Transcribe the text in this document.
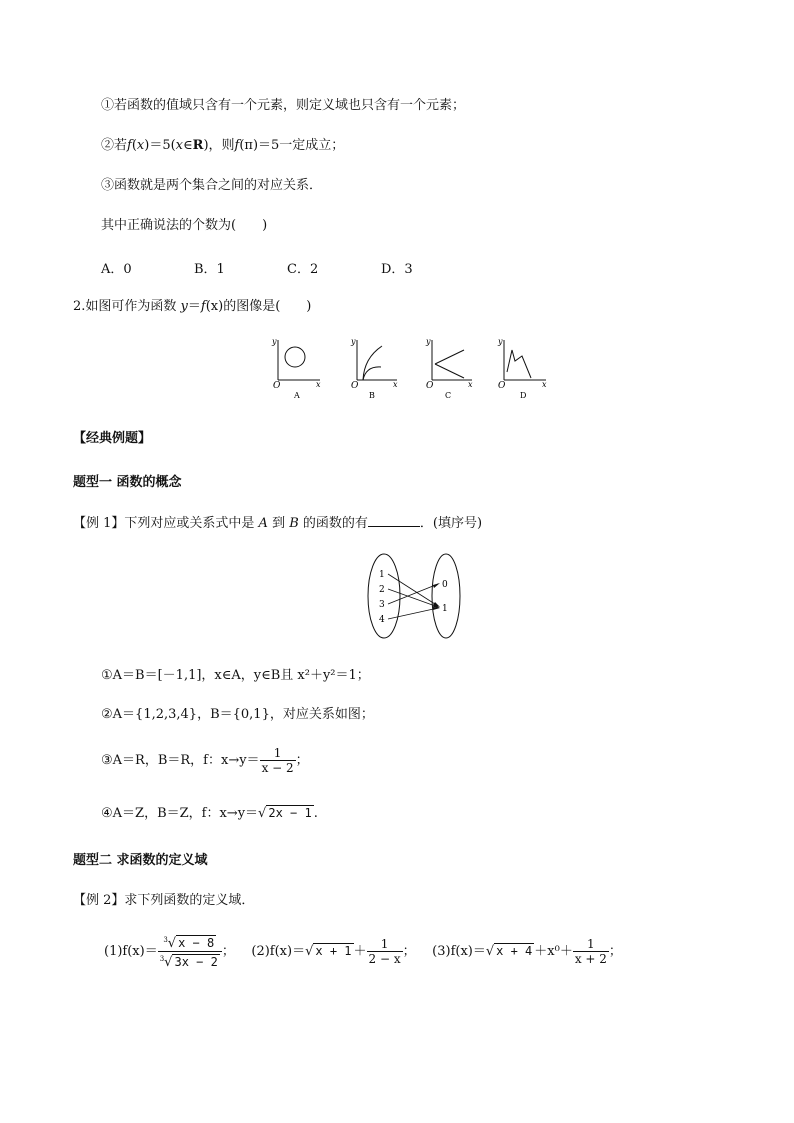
①若函数的值域只含有一个元素，则定义域也只含有一个元素；
②若f(x)＝5(x∈R)，则f(π)＝5一定成立；
③函数就是两个集合之间的对应关系．
其中正确说法的个数为(　　)
A．0	B．1	C．2	D．3
2.如图可作为函数 y＝f(x)的图像是(　　)
y
x
O
A
y
x
O
B
y
x
O
C
y
x
O
D
【经典例题】
题型一 函数的概念
【例 1】下列对应或关系式中是 A 到 B 的函数的有	．(填序号)
1
2
3
4
0
1
①A＝B＝[－1,1]，x∈A，y∈B且 x²＋y²＝1；
②A＝{1,2,3,4}，B＝{0,1}，对应关系如图；
③A＝R，B＝R，f：$x\to y= \frac{1}{x - 2}$ ；
④A＝Z，B＝Z，f：x→y＝√ 2x − 1 .
题型二 求函数的定义域
【例 2】求下列函数的定义域．
$(1)f(x)= \frac{^3√ x - 8}{^3√ 3x - 2}$ ； (2)f(x)＝√ $x + 1 + \frac{1}{2 - x}$ ； (3)f(x)＝√ $x + 4 +x^0+ \frac{1}{x + 2}$ ；
